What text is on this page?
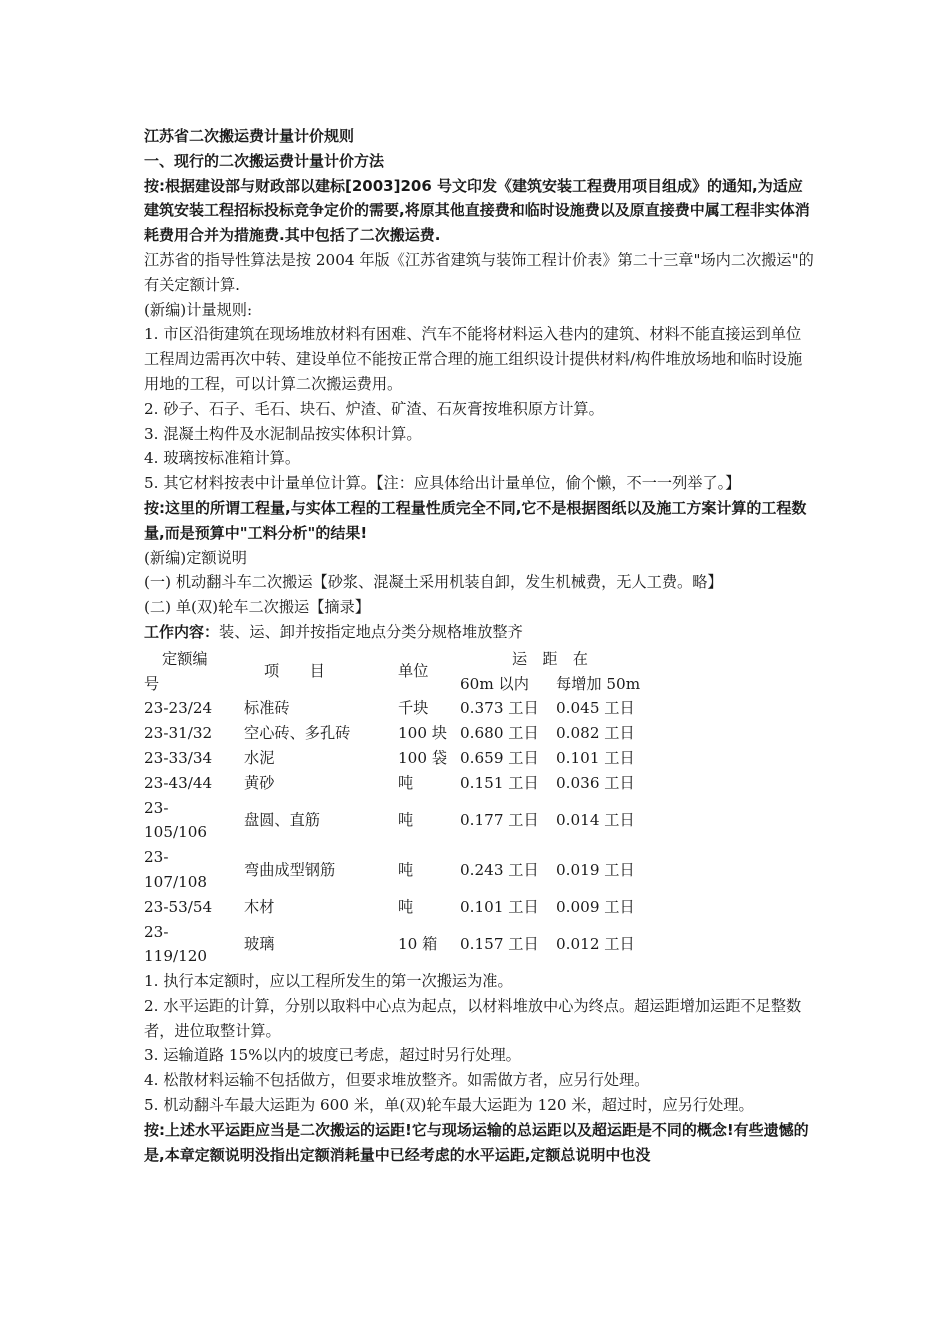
江苏省二次搬运费计量计价规则
一、现行的二次搬运费计量计价方法
按:根据建设部与财政部以建标[2003]206 号文印发《建筑安装工程费用项目组成》的通知,为适应建筑安装工程招标投标竞争定价的需要,将原其他直接费和临时设施费以及原直接费中属工程非实体消耗费用合并为措施费.其中包括了二次搬运费.
江苏省的指导性算法是按 2004 年版《江苏省建筑与装饰工程计价表》第二十三章"场内二次搬运"的有关定额计算.
(新编)计量规则:
1. 市区沿街建筑在现场堆放材料有困难、汽车不能将材料运入巷内的建筑、材料不能直接运到单位工程周边需再次中转、建设单位不能按正常合理的施工组织设计提供材料/构件堆放场地和临时设施用地的工程，可以计算二次搬运费用。
2. 砂子、石子、毛石、块石、炉渣、矿渣、石灰膏按堆积原方计算。
3. 混凝土构件及水泥制品按实体积计算。
4. 玻璃按标准箱计算。
5. 其它材料按表中计量单位计算。【注：应具体给出计量单位，偷个懒，不一一列举了。】
按:这里的所谓工程量,与实体工程的工程量性质完全不同,它不是根据图纸以及施工方案计算的工程数量,而是预算中"工料分析"的结果!
(新编)定额说明
(一) 机动翻斗车二次搬运【砂浆、混凝土采用机装自卸，发生机械费，无人工费。略】
(二) 单(双)轮车二次搬运【摘录】
工作内容：装、运、卸并按指定地点分类分规格堆放整齐
定额编
号	项　　目	单位	运　距　在	
			60m 以内	每增加 50m
23-23/24	标准砖	千块	0.373 工日	0.045 工日
23-31/32	空心砖、多孔砖	100 块	0.680 工日	0.082 工日
23-33/34	水泥	100 袋	0.659 工日	0.101 工日
23-43/44	黄砂	吨	0.151 工日	0.036 工日
23-
105/106	盘圆、直筋	吨	0.177 工日	0.014 工日
23-
107/108	弯曲成型钢筋	吨	0.243 工日	0.019 工日
23-53/54	木材	吨	0.101 工日	0.009 工日
23-
119/120	玻璃	10 箱	0.157 工日	0.012 工日
1. 执行本定额时，应以工程所发生的第一次搬运为准。
2. 水平运距的计算，分别以取料中心点为起点，以材料堆放中心为终点。超运距增加运距不足整数者，进位取整计算。
3. 运输道路 15%以内的坡度已考虑，超过时另行处理。
4. 松散材料运输不包括做方，但要求堆放整齐。如需做方者，应另行处理。
5. 机动翻斗车最大运距为 600 米，单(双)轮车最大运距为 120 米，超过时，应另行处理。
按:上述水平运距应当是二次搬运的运距!它与现场运输的总运距以及超运距是不同的概念!有些遗憾的是,本章定额说明没指出定额消耗量中已经考虑的水平运距,定额总说明中也没
